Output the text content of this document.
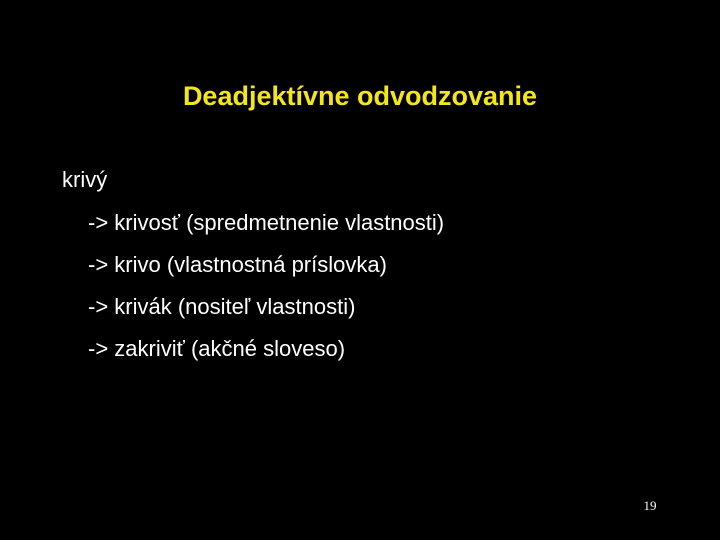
Deadjektívne odvodzovanie
krivý
-> krivosť (spredmetnenie vlastnosti)
-> krivo (vlastnostná príslovka)
-> krivák (nositeľ vlastnosti)
-> zakriviť (akčné sloveso)
19
